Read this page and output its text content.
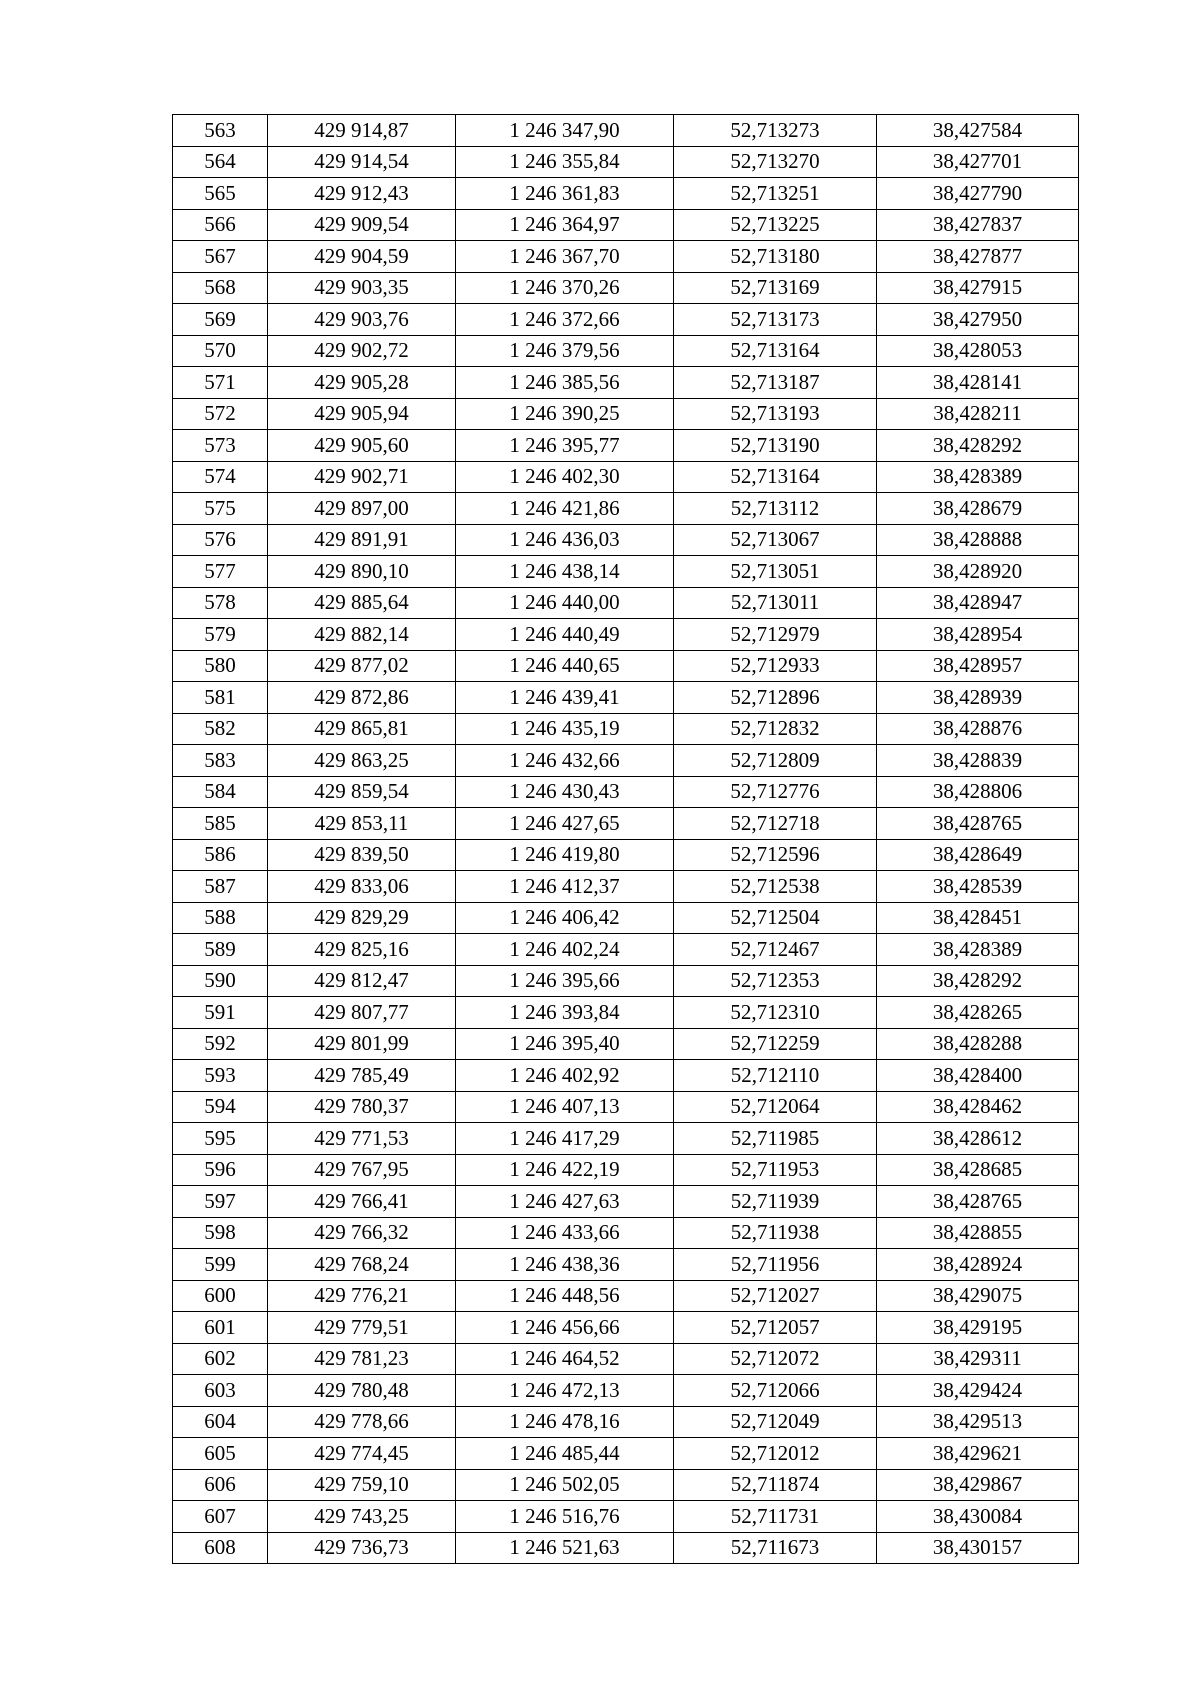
563	429 914,87	1 246 347,90	52,713273	38,427584
564	429 914,54	1 246 355,84	52,713270	38,427701
565	429 912,43	1 246 361,83	52,713251	38,427790
566	429 909,54	1 246 364,97	52,713225	38,427837
567	429 904,59	1 246 367,70	52,713180	38,427877
568	429 903,35	1 246 370,26	52,713169	38,427915
569	429 903,76	1 246 372,66	52,713173	38,427950
570	429 902,72	1 246 379,56	52,713164	38,428053
571	429 905,28	1 246 385,56	52,713187	38,428141
572	429 905,94	1 246 390,25	52,713193	38,428211
573	429 905,60	1 246 395,77	52,713190	38,428292
574	429 902,71	1 246 402,30	52,713164	38,428389
575	429 897,00	1 246 421,86	52,713112	38,428679
576	429 891,91	1 246 436,03	52,713067	38,428888
577	429 890,10	1 246 438,14	52,713051	38,428920
578	429 885,64	1 246 440,00	52,713011	38,428947
579	429 882,14	1 246 440,49	52,712979	38,428954
580	429 877,02	1 246 440,65	52,712933	38,428957
581	429 872,86	1 246 439,41	52,712896	38,428939
582	429 865,81	1 246 435,19	52,712832	38,428876
583	429 863,25	1 246 432,66	52,712809	38,428839
584	429 859,54	1 246 430,43	52,712776	38,428806
585	429 853,11	1 246 427,65	52,712718	38,428765
586	429 839,50	1 246 419,80	52,712596	38,428649
587	429 833,06	1 246 412,37	52,712538	38,428539
588	429 829,29	1 246 406,42	52,712504	38,428451
589	429 825,16	1 246 402,24	52,712467	38,428389
590	429 812,47	1 246 395,66	52,712353	38,428292
591	429 807,77	1 246 393,84	52,712310	38,428265
592	429 801,99	1 246 395,40	52,712259	38,428288
593	429 785,49	1 246 402,92	52,712110	38,428400
594	429 780,37	1 246 407,13	52,712064	38,428462
595	429 771,53	1 246 417,29	52,711985	38,428612
596	429 767,95	1 246 422,19	52,711953	38,428685
597	429 766,41	1 246 427,63	52,711939	38,428765
598	429 766,32	1 246 433,66	52,711938	38,428855
599	429 768,24	1 246 438,36	52,711956	38,428924
600	429 776,21	1 246 448,56	52,712027	38,429075
601	429 779,51	1 246 456,66	52,712057	38,429195
602	429 781,23	1 246 464,52	52,712072	38,429311
603	429 780,48	1 246 472,13	52,712066	38,429424
604	429 778,66	1 246 478,16	52,712049	38,429513
605	429 774,45	1 246 485,44	52,712012	38,429621
606	429 759,10	1 246 502,05	52,711874	38,429867
607	429 743,25	1 246 516,76	52,711731	38,430084
608	429 736,73	1 246 521,63	52,711673	38,430157
